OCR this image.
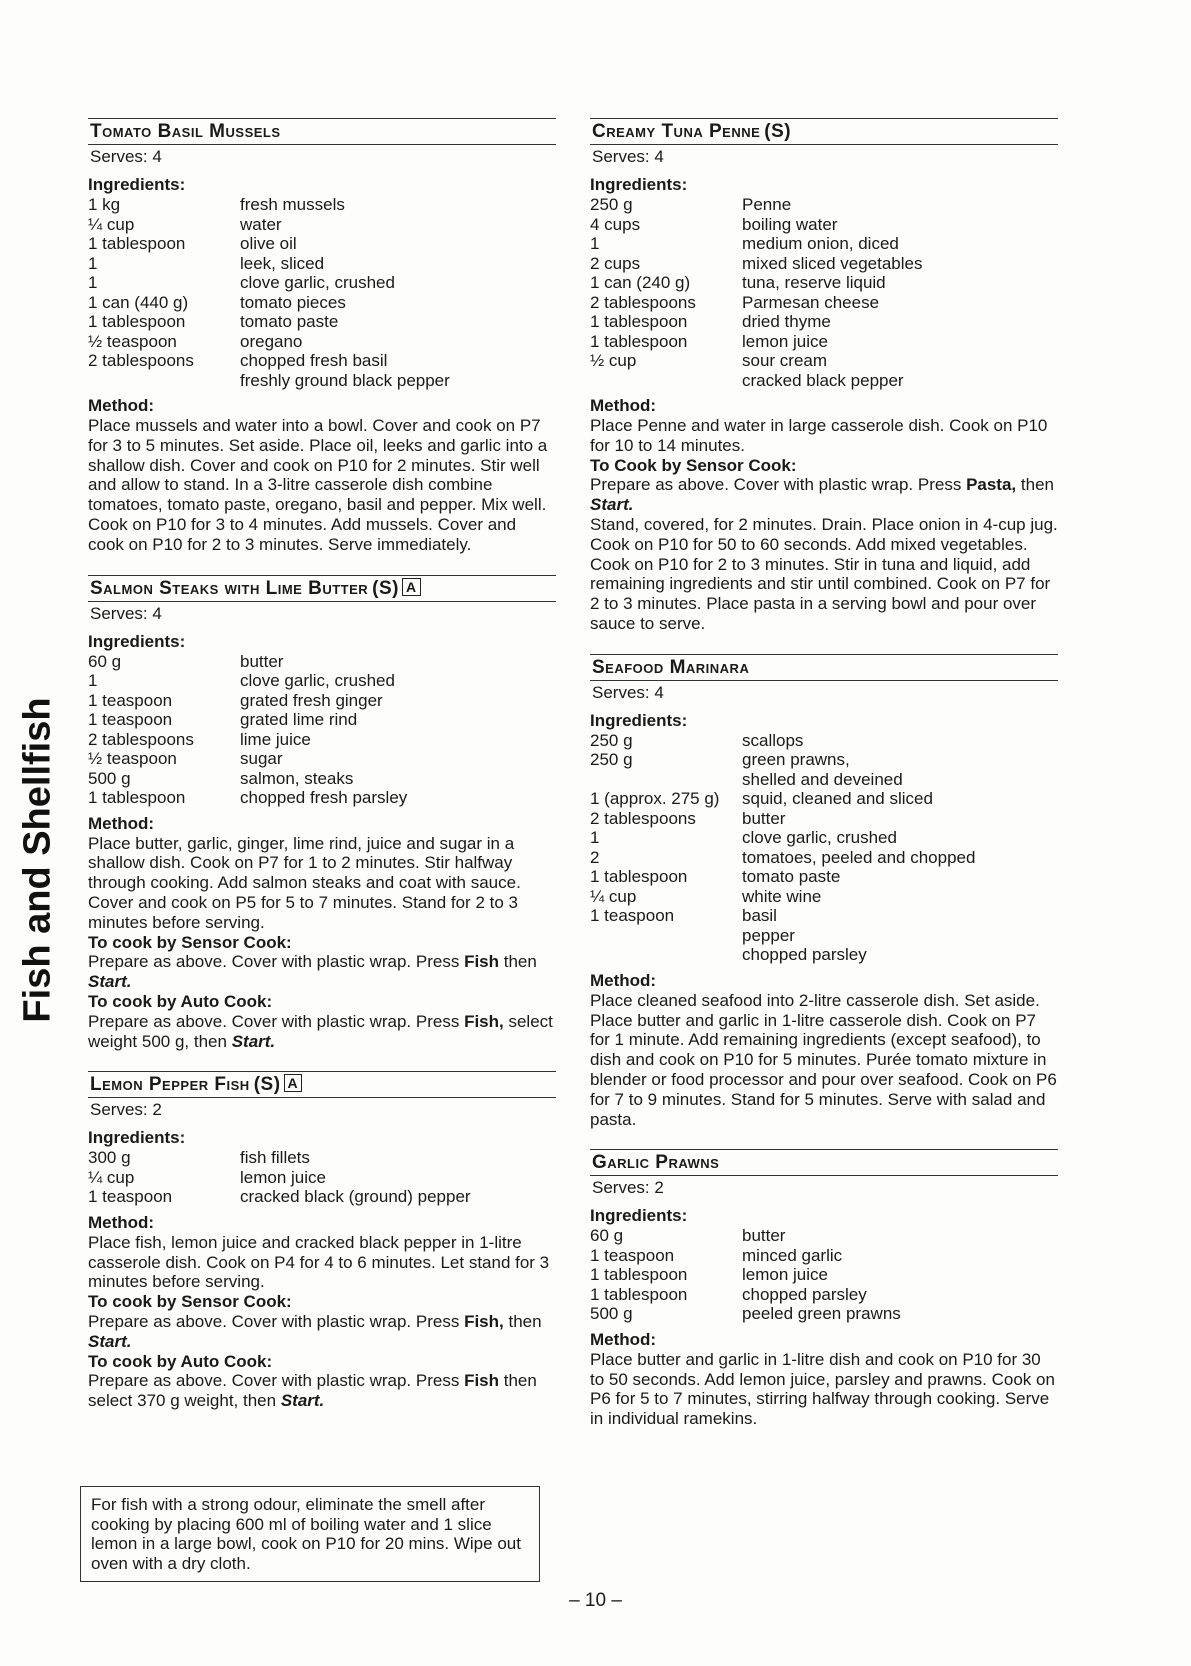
Fish and Shellfish
Tomato Basil Mussels
Serves: 4
Ingredients:
1 kg	fresh mussels
¼ cup	water
1 tablespoon	olive oil
1	leek, sliced
1	clove garlic, crushed
1 can (440 g)	tomato pieces
1 tablespoon	tomato paste
½ teaspoon	oregano
2 tablespoons	chopped fresh basil
freshly ground black pepper
Method:
Place mussels and water into a bowl. Cover and cook on P7 for 3 to 5 minutes. Set aside. Place oil, leeks and garlic into a shallow dish. Cover and cook on P10 for 2 minutes. Stir well and allow to stand. In a 3-litre casserole dish combine tomatoes, tomato paste, oregano, basil and pepper. Mix well. Cook on P10 for 3 to 4 minutes. Add mussels. Cover and cook on P10 for 2 to 3 minutes. Serve immediately.
Salmon Steaks with Lime Butter (S) A
Serves: 4
Ingredients:
60 g	butter
1	clove garlic, crushed
1 teaspoon	grated fresh ginger
1 teaspoon	grated lime rind
2 tablespoons	lime juice
½ teaspoon	sugar
500 g	salmon, steaks
1 tablespoon	chopped fresh parsley
Method:
Place butter, garlic, ginger, lime rind, juice and sugar in a shallow dish. Cook on P7 for 1 to 2 minutes. Stir halfway through cooking. Add salmon steaks and coat with sauce. Cover and cook on P5 for 5 to 7 minutes. Stand for 2 to 3 minutes before serving.
To cook by Sensor Cook:
Prepare as above. Cover with plastic wrap. Press Fish then Start.
To cook by Auto Cook:
Prepare as above. Cover with plastic wrap. Press Fish, select weight 500 g, then Start.
Lemon Pepper Fish (S) A
Serves: 2
Ingredients:
300 g	fish fillets
¼ cup	lemon juice
1 teaspoon	cracked black (ground) pepper
Method:
Place fish, lemon juice and cracked black pepper in 1-litre casserole dish. Cook on P4 for 4 to 6 minutes. Let stand for 3 minutes before serving.
To cook by Sensor Cook:
Prepare as above. Cover with plastic wrap. Press Fish, then Start.
To cook by Auto Cook:
Prepare as above. Cover with plastic wrap. Press Fish then select 370 g weight, then Start.
For fish with a strong odour, eliminate the smell after cooking by placing 600 ml of boiling water and 1 slice lemon in a large bowl, cook on P10 for 20 mins. Wipe out oven with a dry cloth.
Creamy Tuna Penne (S)
Serves: 4
Ingredients:
250 g	Penne
4 cups	boiling water
1	medium onion, diced
2 cups	mixed sliced vegetables
1 can (240 g)	tuna, reserve liquid
2 tablespoons	Parmesan cheese
1 tablespoon	dried thyme
1 tablespoon	lemon juice
½ cup	sour cream
cracked black pepper
Method:
Place Penne and water in large casserole dish. Cook on P10 for 10 to 14 minutes.
To Cook by Sensor Cook:
Prepare as above. Cover with plastic wrap. Press Pasta, then Start.
Stand, covered, for 2 minutes. Drain. Place onion in 4-cup jug. Cook on P10 for 50 to 60 seconds. Add mixed vegetables. Cook on P10 for 2 to 3 minutes. Stir in tuna and liquid, add remaining ingredients and stir until combined. Cook on P7 for 2 to 3 minutes. Place pasta in a serving bowl and pour over sauce to serve.
Seafood Marinara
Serves: 4
Ingredients:
250 g	scallops
250 g	green prawns,
shelled and deveined
1 (approx. 275 g)	squid, cleaned and sliced
2 tablespoons	butter
1	clove garlic, crushed
2	tomatoes, peeled and chopped
1 tablespoon	tomato paste
¼ cup	white wine
1 teaspoon	basil
pepper
chopped parsley
Method:
Place cleaned seafood into 2-litre casserole dish. Set aside. Place butter and garlic in 1-litre casserole dish. Cook on P7 for 1 minute. Add remaining ingredients (except seafood), to dish and cook on P10 for 5 minutes. Purée tomato mixture in blender or food processor and pour over seafood. Cook on P6 for 7 to 9 minutes. Stand for 5 minutes. Serve with salad and pasta.
Garlic Prawns
Serves: 2
Ingredients:
60 g	butter
1 teaspoon	minced garlic
1 tablespoon	lemon juice
1 tablespoon	chopped parsley
500 g	peeled green prawns
Method:
Place butter and garlic in 1-litre dish and cook on P10 for 30 to 50 seconds. Add lemon juice, parsley and prawns. Cook on P6 for 5 to 7 minutes, stirring halfway through cooking. Serve in individual ramekins.
– 10 –
